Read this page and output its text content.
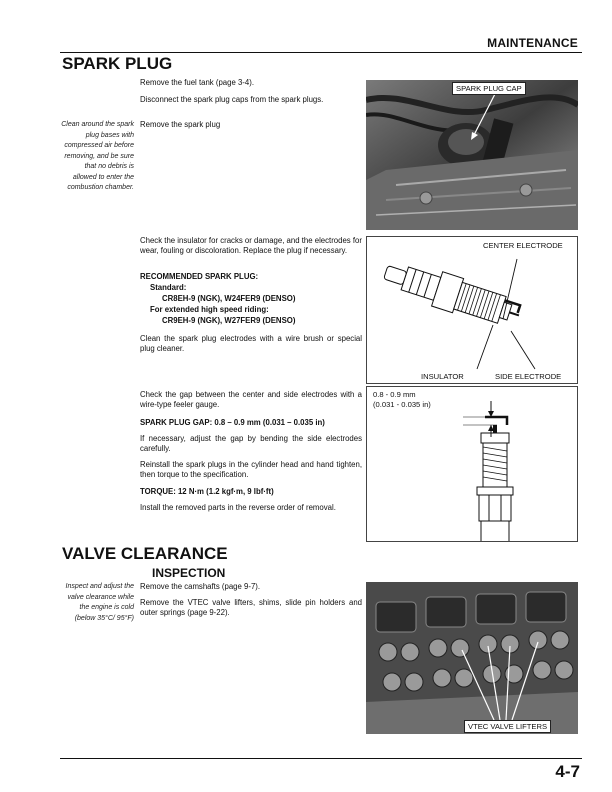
MAINTENANCE
SPARK PLUG
Clean around the spark plug bases with compressed air before removing, and be sure that no debris is allowed to enter the combustion chamber.
Remove the fuel tank (page 3-4).
Disconnect the spark plug caps from the spark plugs.
Remove the spark plug
SPARK PLUG CAP
Check the insulator for cracks or damage, and the electrodes for wear, fouling or discoloration. Replace the plug if necessary.
RECOMMENDED SPARK PLUG:
Standard:
CR8EH-9 (NGK), W24FER9 (DENSO)
For extended high speed riding:
CR9EH-9 (NGK), W27FER9 (DENSO)
Clean the spark plug electrodes with a wire brush or special plug cleaner.
CENTER ELECTRODE
INSULATOR	SIDE ELECTRODE
Check the gap between the center and side electrodes with a wire-type feeler gauge.
SPARK PLUG GAP: 0.8 – 0.9 mm (0.031 – 0.035 in)
If necessary, adjust the gap by bending the side electrodes carefully.
Reinstall the spark plugs in the cylinder head and hand tighten, then torque to the specification.
TORQUE: 12 N·m (1.2 kgf·m, 9 lbf·ft)
Install the removed parts in the reverse order of removal.
0.8 - 0.9 mm
(0.031 - 0.035 in)
VALVE CLEARANCE
INSPECTION
Inspect and adjust the valve clearance while the engine is cold (below 35°C/ 95°F)
Remove the camshafts (page 9-7).
Remove the VTEC valve lifters, shims, slide pin holders and outer springs (page 9-22).
VTEC VALVE LIFTERS
4-7
